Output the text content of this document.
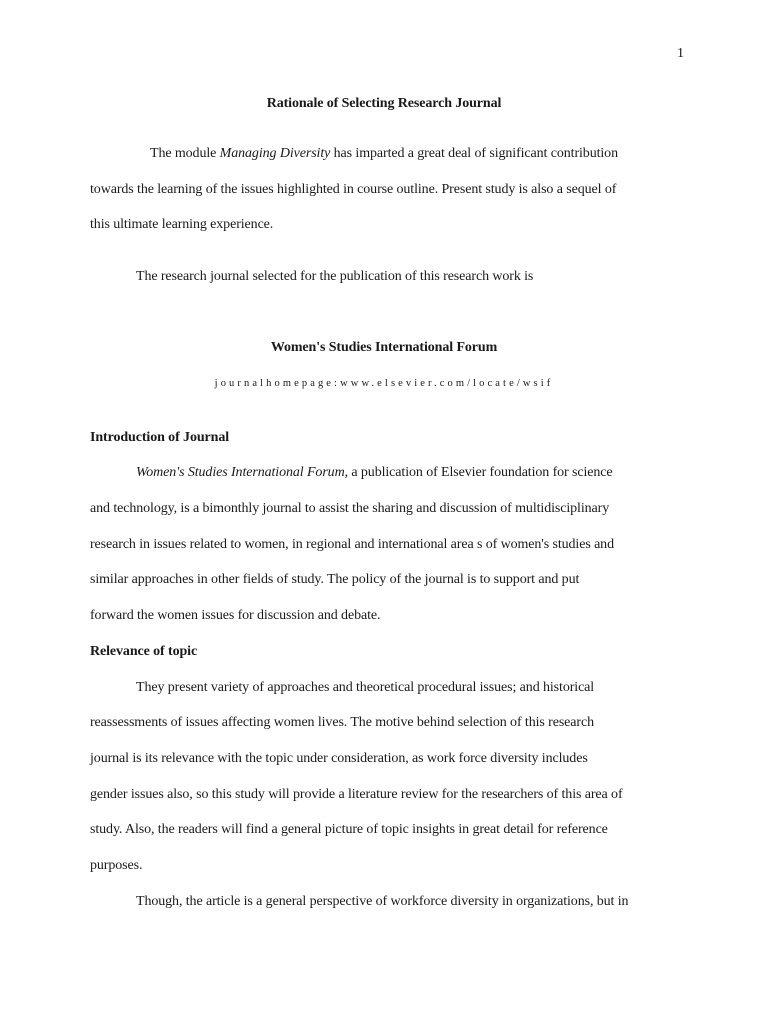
1
Rationale of Selecting Research Journal
The module Managing Diversity has imparted a great deal of significant contribution
towards the learning of the issues highlighted in course outline. Present study is also a sequel of
this ultimate learning experience.
The research journal selected for the publication of this research work is
Women's Studies International Forum
journalhomepage:www.elsevier.com/locate/wsif
Introduction of Journal
Women's Studies International Forum, a publication of Elsevier foundation for science
and technology, is a bimonthly journal to assist the sharing and discussion of multidisciplinary
research in issues related to women, in regional and international area s of women's studies and
similar approaches in other fields of study. The policy of the journal is to support and put
forward the women issues for discussion and debate.
Relevance of topic
They present variety of approaches and theoretical procedural issues; and historical
reassessments of issues affecting women lives. The motive behind selection of this research
journal is its relevance with the topic under consideration, as work force diversity includes
gender issues also, so this study will provide a literature review for the researchers of this area of
study. Also, the readers will find a general picture of topic insights in great detail for reference
purposes.
Though, the article is a general perspective of workforce diversity in organizations, but in
